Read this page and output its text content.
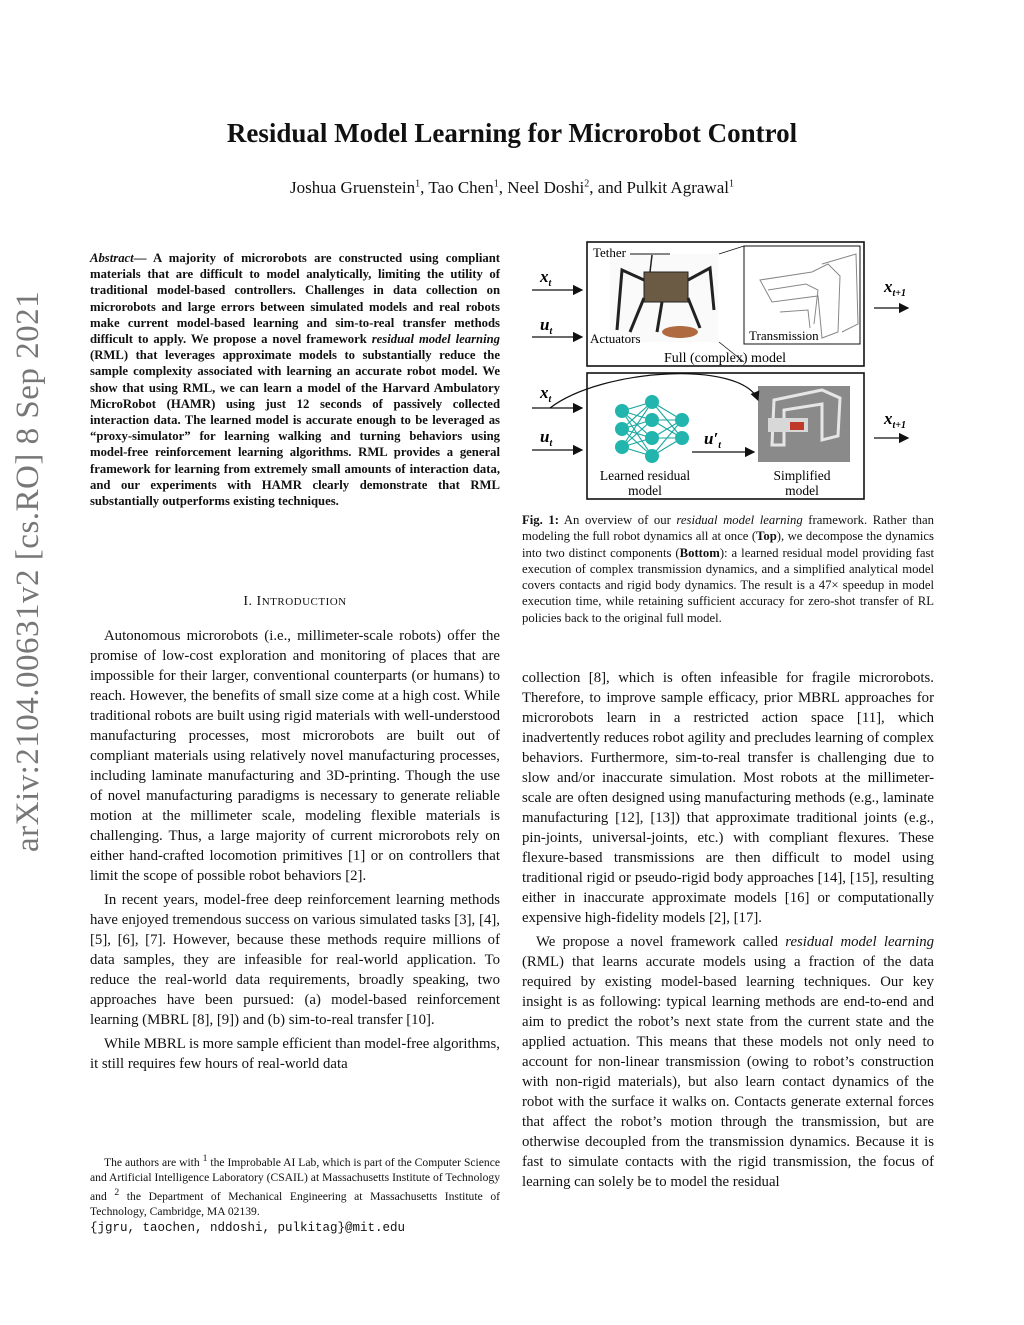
arXiv:2104.00631v2 [cs.RO] 8 Sep 2021
Residual Model Learning for Microrobot Control
Joshua Gruenstein$^1$, Tao Chen$^1$, Neel Doshi$^2$, and Pulkit Agrawal$^1$
Abstract— A majority of microrobots are constructed using compliant materials that are difficult to model analytically, limiting the utility of traditional model-based controllers. Challenges in data collection on microrobots and large errors between simulated models and real robots make current model-based learning and sim-to-real transfer methods difficult to apply. We propose a novel framework residual model learning (RML) that leverages approximate models to substantially reduce the sample complexity associated with learning an accurate robot model. We show that using RML, we can learn a model of the Harvard Ambulatory MicroRobot (HAMR) using just 12 seconds of passively collected interaction data. The learned model is accurate enough to be leveraged as “proxy-simulator” for learning walking and turning behaviors using model-free reinforcement learning algorithms. RML provides a general framework for learning from extremely small amounts of interaction data, and our experiments with HAMR clearly demonstrate that RML substantially outperforms existing techniques.
I. INTRODUCTION

Autonomous microrobots (i.e., millimeter-scale robots) offer the promise of low-cost exploration and monitoring of places that are impossible for their larger, conventional counterparts (or humans) to reach. However, the benefits of small size come at a high cost. While traditional robots are built using rigid materials with well-understood manufacturing processes, most microrobots are built out of compliant materials using relatively novel manufacturing processes, including laminate manufacturing and 3D-printing. Though the use of novel manufacturing paradigms is necessary to generate reliable motion at the millimeter scale, modeling flexible materials is challenging. Thus, a large majority of current microrobots rely on either hand-crafted locomotion primitives [1] or on controllers that limit the scope of possible robot behaviors [2].

In recent years, model-free deep reinforcement learning methods have enjoyed tremendous success on various simulated tasks [3], [4], [5], [6], [7]. However, because these methods require millions of data samples, they are infeasible for real-world application. To reduce the real-world data requirements, broadly speaking, two approaches have been pursued: (a) model-based reinforcement learning (MBRL [8], [9]) and (b) sim-to-real transfer [10].

While MBRL is more sample efficient than model-free algorithms, it still requires few hours of real-world data

The authors are with $^1$ the Improbable AI Lab, which is part of the Computer Science and Artificial Intelligence Laboratory (CSAIL) at Massachusetts Institute of Technology and $^2$ the Department of Mechanical Engineering at Massachusetts Institute of Technology, Cambridge, MA 02139.
{jgru, taochen, nddoshi, pulkitag}@mit.edu

Tether
Actuators	Transmission
Full (complex) model
Learned residual
model
Simplified
model
$x_t$
$u_t$
$x_t$
$u_t$	$u'_t$
$x_{t+1}$
$x_{t+1}$
Fig. 1: An overview of our residual model learning framework. Rather than modeling the full robot dynamics all at once (Top), we decompose the dynamics into two distinct components (Bottom): a learned residual model providing fast execution of complex transmission dynamics, and a simplified analytical model covers contacts and rigid body dynamics. The result is a 47× speedup in model execution time, while retaining sufficient accuracy for zero-shot transfer of RL policies back to the original full model.

collection [8], which is often infeasible for fragile microrobots. Therefore, to improve sample efficacy, prior MBRL approaches for microrobots learn in a restricted action space [11], which inadvertently reduces robot agility and precludes learning of complex behaviors. Furthermore, sim-to-real transfer is challenging due to slow and/or inaccurate simulation. Most robots at the millimeter-scale are often designed using manufacturing methods (e.g., laminate manufacturing [12], [13]) that approximate traditional joints (e.g., pin-joints, universal-joints, etc.) with compliant flexures. These flexure-based transmissions are then difficult to model using traditional rigid or pseudo-rigid body approaches [14], [15], resulting either in inaccurate approximate models [16] or computationally expensive high-fidelity models [2], [17].

We propose a novel framework called residual model learning (RML) that learns accurate models using a fraction of the data required by existing model-based learning techniques. Our key insight is as following: typical learning methods are end-to-end and aim to predict the robot’s next state from the current state and the applied actuation. This means that these models not only need to account for non-linear transmission (owing to robot’s construction with non-rigid materials), but also learn contact dynamics of the robot with the surface it walks on. Contacts generate external forces that affect the robot’s motion through the transmission, but are otherwise decoupled from the transmission dynamics. Because it is fast to simulate contacts with the rigid transmission, the focus of learning can solely be to model the residual
